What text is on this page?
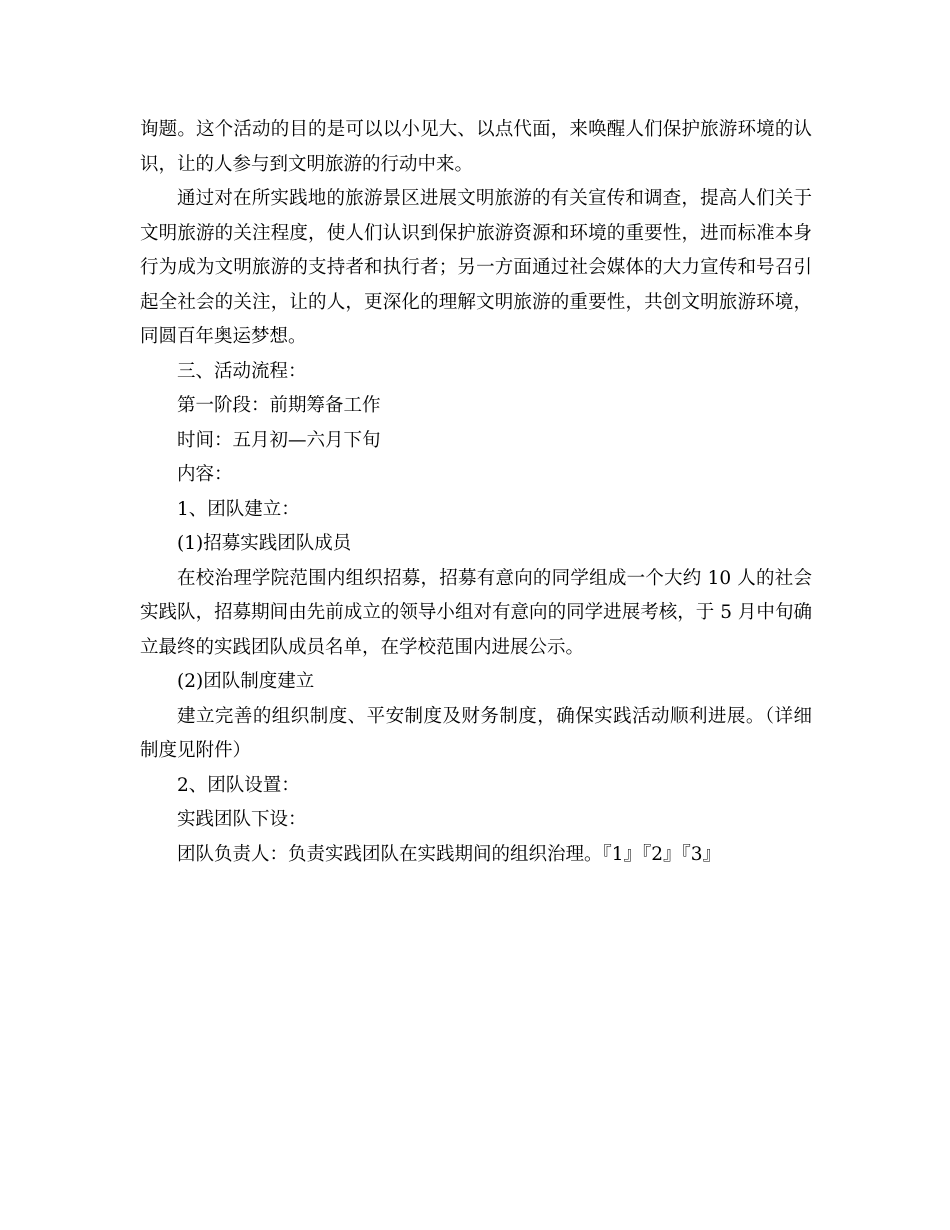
询题。这个活动的目的是可以以小见大、以点代面，来唤醒人们保护旅游环境的认
识，让的人参与到文明旅游的行动中来。

通过对在所实践地的旅游景区进展文明旅游的有关宣传和调查，提高人们关于
文明旅游的关注程度，使人们认识到保护旅游资源和环境的重要性，进而标准本身
行为成为文明旅游的支持者和执行者；另一方面通过社会媒体的大力宣传和号召引
起全社会的关注，让的人，更深化的理解文明旅游的重要性，共创文明旅游环境，
同圆百年奥运梦想。

三、活动流程：

第一阶段：前期筹备工作

时间：五月初—六月下旬

内容：

1、团队建立：

(1)招募实践团队成员

在校治理学院范围内组织招募，招募有意向的同学组成一个大约 10 人的社会
实践队，招募期间由先前成立的领导小组对有意向的同学进展考核，于 5 月中旬确
立最终的实践团队成员名单，在学校范围内进展公示。

(2)团队制度建立

建立完善的组织制度、平安制度及财务制度，确保实践活动顺利进展。（详细
制度见附件）

2、团队设置：

实践团队下设：

团队负责人：负责实践团队在实践期间的组织治理。『1』『2』『3』
